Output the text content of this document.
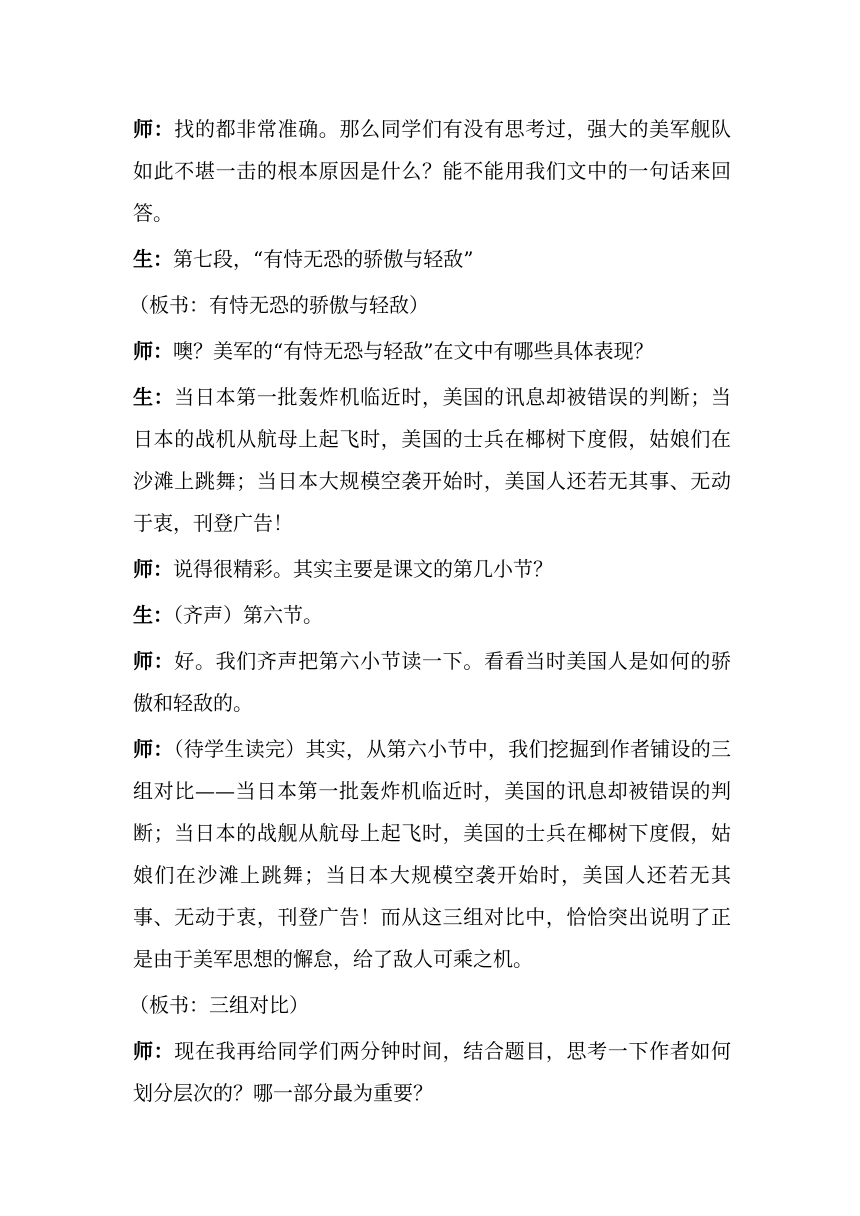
师：找的都非常准确。那么同学们有没有思考过，强大的美军舰队如此不堪一击的根本原因是什么？能不能用我们文中的一句话来回答。

生：第七段，“有恃无恐的骄傲与轻敌”

（板书：有恃无恐的骄傲与轻敌）

师：噢？美军的“有恃无恐与轻敌”在文中有哪些具体表现？

生：当日本第一批轰炸机临近时，美国的讯息却被错误的判断；当日本的战机从航母上起飞时，美国的士兵在椰树下度假，姑娘们在沙滩上跳舞；当日本大规模空袭开始时，美国人还若无其事、无动于衷，刊登广告！

师：说得很精彩。其实主要是课文的第几小节？

生：（齐声）第六节。

师：好。我们齐声把第六小节读一下。看看当时美国人是如何的骄傲和轻敌的。

师：（待学生读完）其实，从第六小节中，我们挖掘到作者铺设的三组对比——当日本第一批轰炸机临近时，美国的讯息却被错误的判断；当日本的战舰从航母上起飞时，美国的士兵在椰树下度假，姑娘们在沙滩上跳舞；当日本大规模空袭开始时，美国人还若无其事、无动于衷，刊登广告！而从这三组对比中，恰恰突出说明了正是由于美军思想的懈怠，给了敌人可乘之机。

（板书：三组对比）

师：现在我再给同学们两分钟时间，结合题目，思考一下作者如何划分层次的？哪一部分最为重要？
